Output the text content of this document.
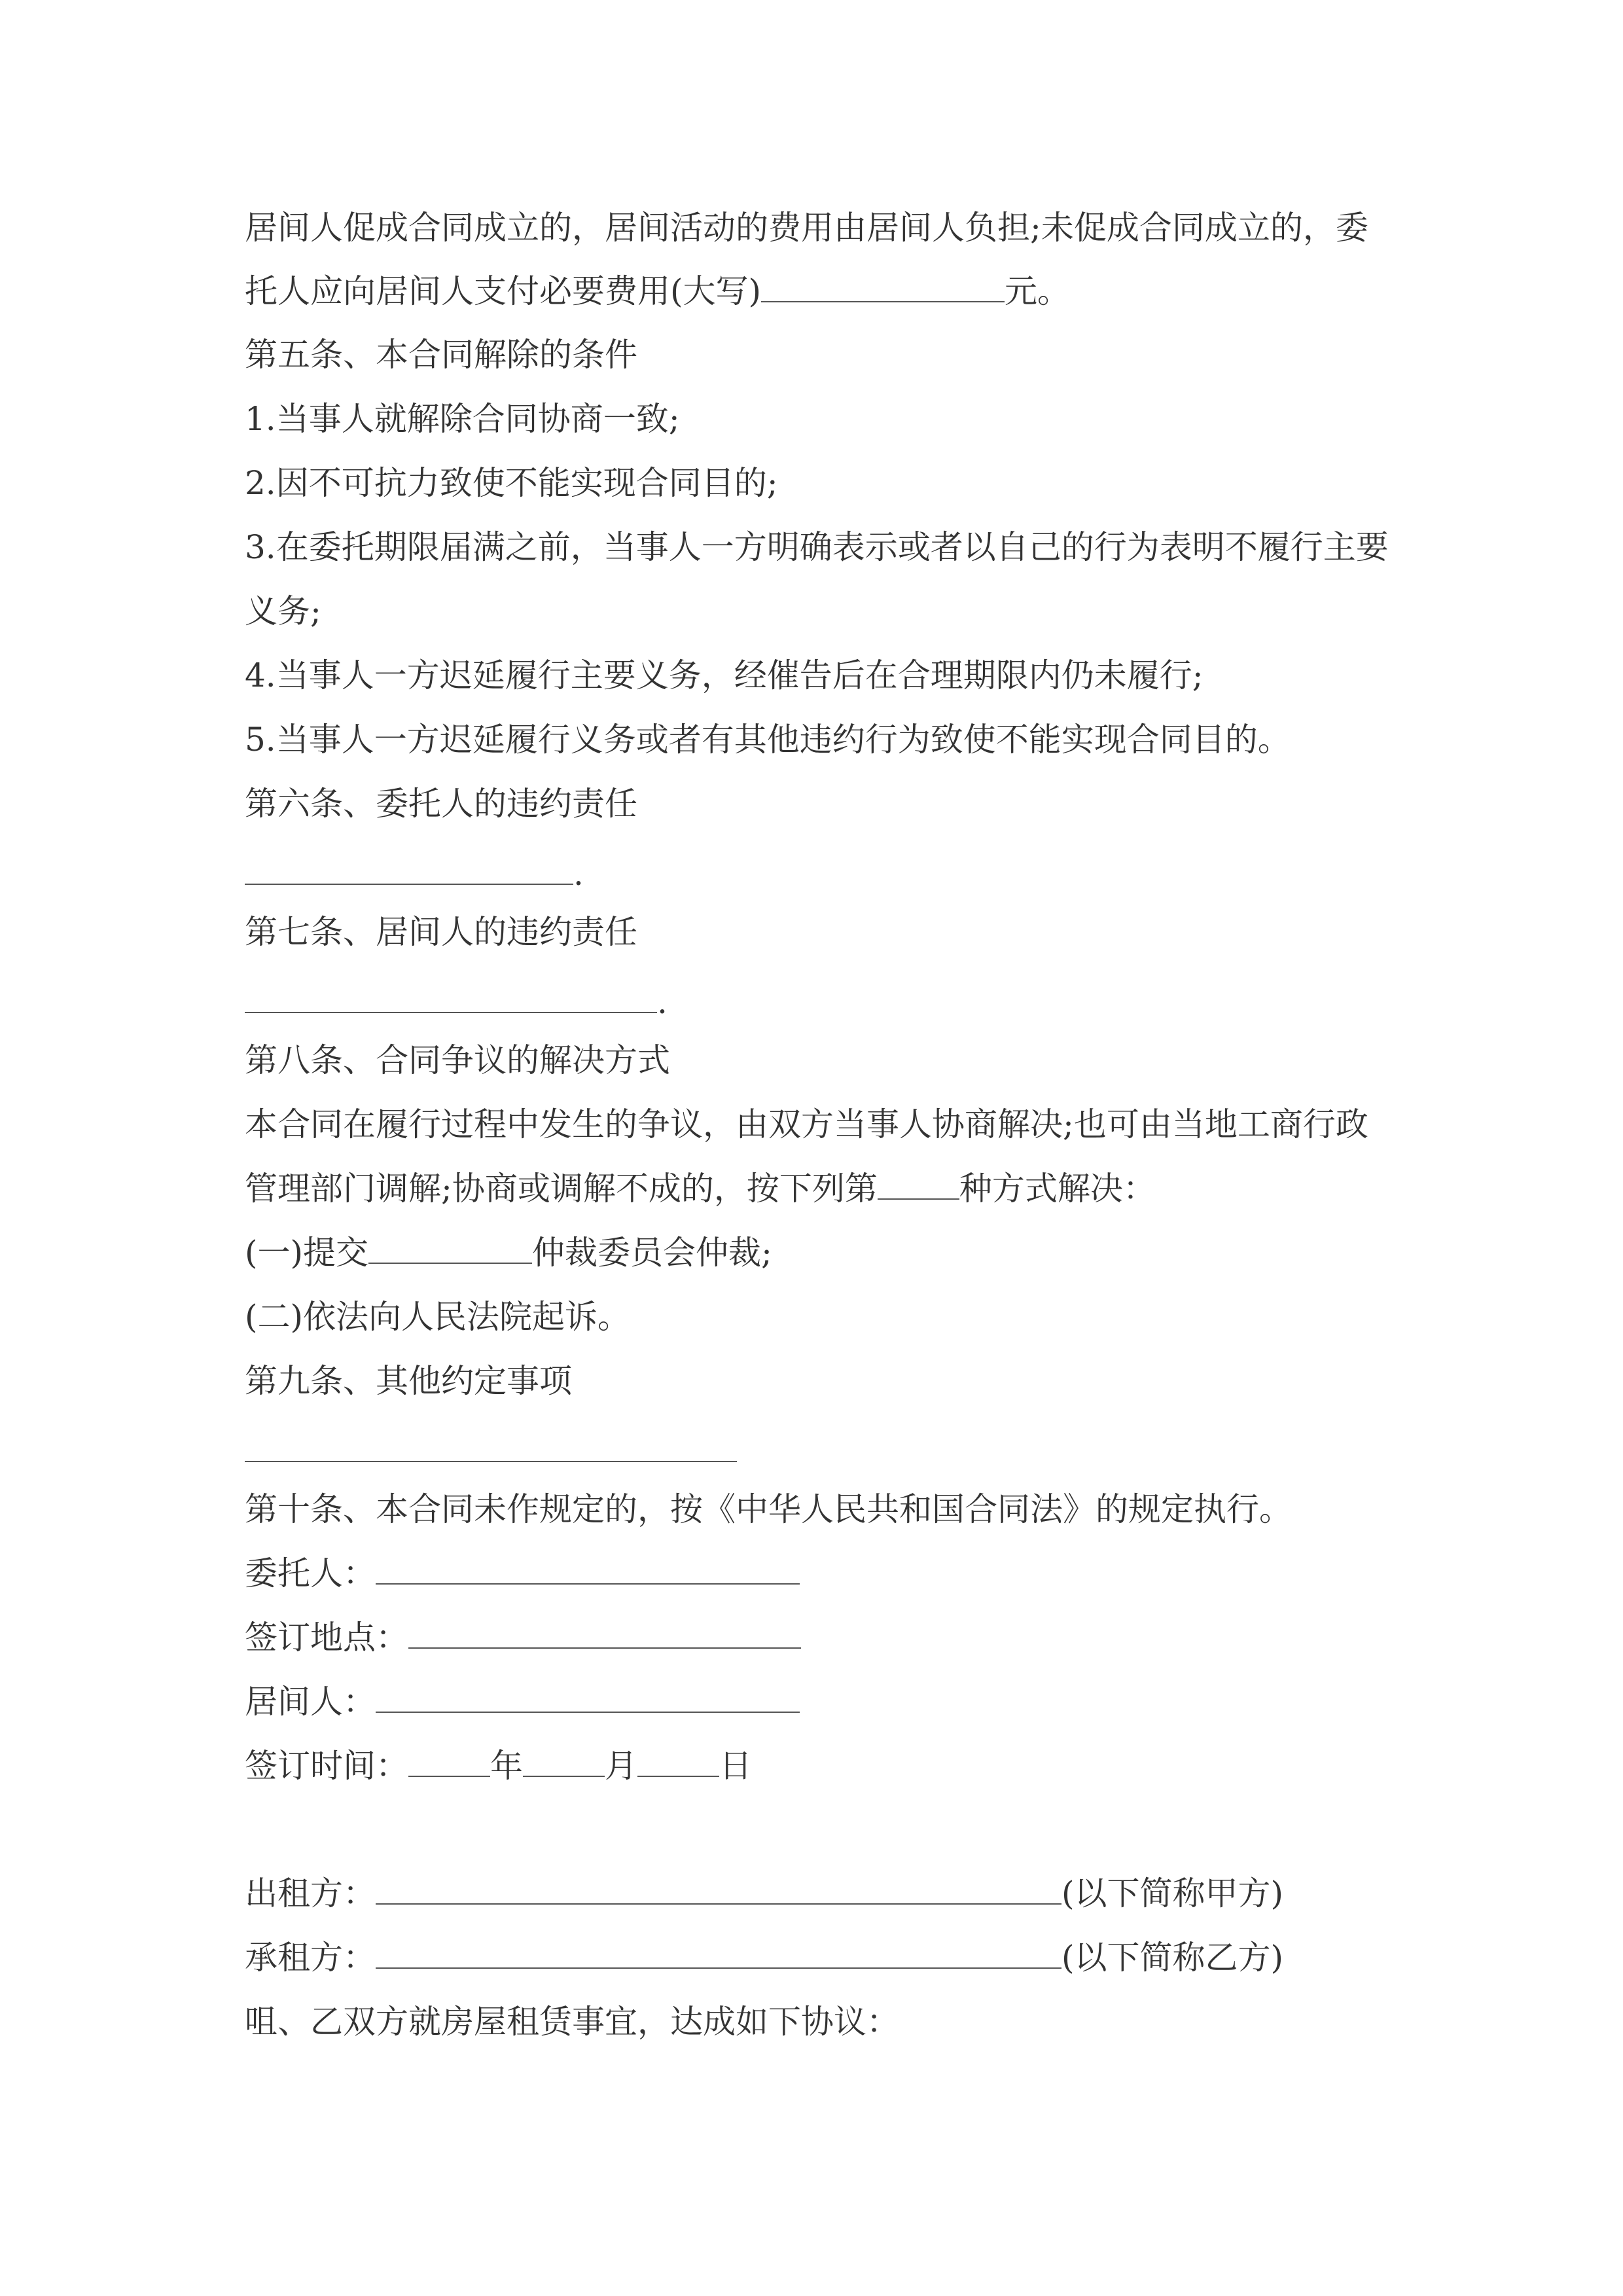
居间人促成合同成立的，居间活动的费用由居间人负担;未促成合同成立的，委

托人应向居间人支付必要费用(大写)	元。

第五条、本合同解除的条件

1.当事人就解除合同协商一致;

2.因不可抗力致使不能实现合同目的;

3.在委托期限届满之前，当事人一方明确表示或者以自己的行为表明不履行主要

义务;

4.当事人一方迟延履行主要义务，经催告后在合理期限内仍未履行;

5.当事人一方迟延履行义务或者有其他违约行为致使不能实现合同目的。

第六条、委托人的违约责任

.

第七条、居间人的违约责任

.

第八条、合同争议的解决方式

本合同在履行过程中发生的争议，由双方当事人协商解决;也可由当地工商行政

管理部门调解;协商或调解不成的，按下列第	种方式解决：

(一)提交	仲裁委员会仲裁;

(二)依法向人民法院起诉。

第九条、其他约定事项

第十条、本合同未作规定的，按《中华人民共和国合同法》的规定执行。

委托人：

签订地点：

居间人：

签订时间：	年	月	日

出租方：	(以下简称甲方)

承租方：	(以下简称乙方)

咀、乙双方就房屋租赁事宜，达成如下协议：
